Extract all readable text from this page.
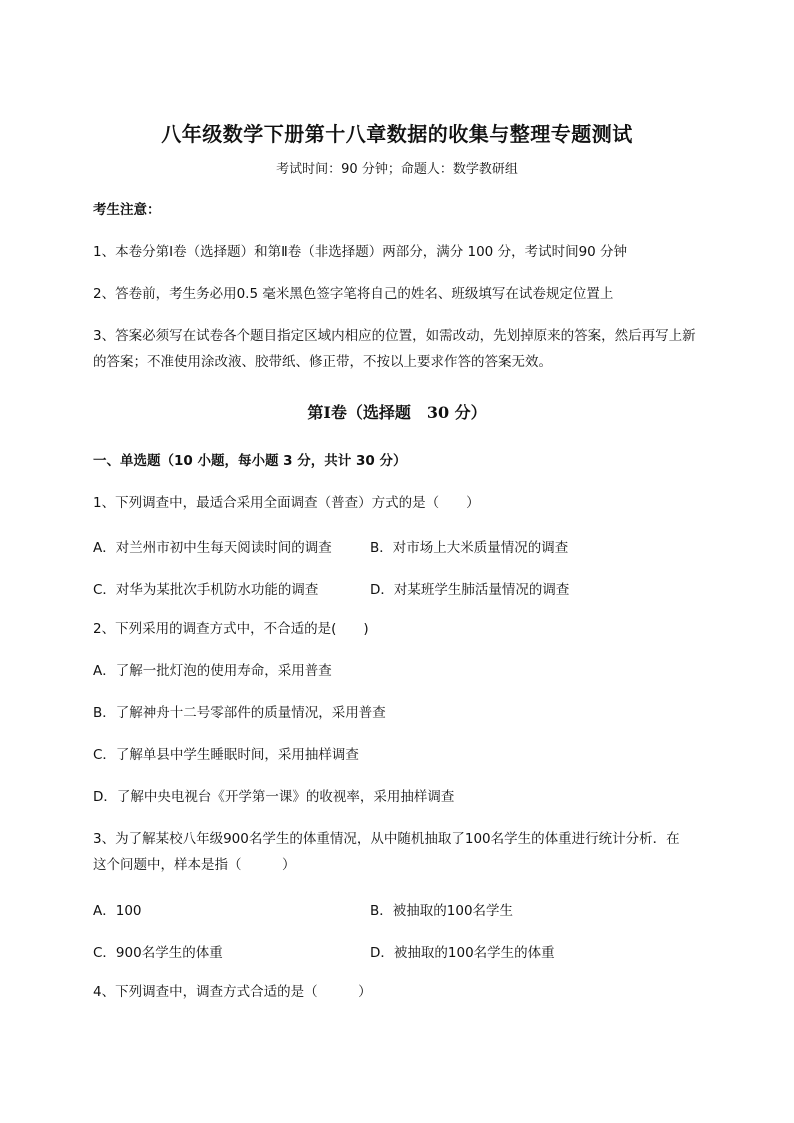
八年级数学下册第十八章数据的收集与整理专题测试
考试时间：90 分钟；命题人：数学教研组
考生注意：
1、本卷分第Ⅰ卷（选择题）和第Ⅱ卷（非选择题）两部分，满分 100 分，考试时间90 分钟
2、答卷前，考生务必用0.5 毫米黑色签字笔将自己的姓名、班级填写在试卷规定位置上
3、答案必须写在试卷各个题目指定区域内相应的位置，如需改动，先划掉原来的答案，然后再写上新
的答案；不准使用涂改液、胶带纸、修正带，不按以上要求作答的答案无效。
第Ⅰ卷（选择题　30 分）
一、单选题（10 小题，每小题 3 分，共计 30 分）
1、下列调查中，最适合采用全面调查（普查）方式的是（　　）
A．对兰州市初中生每天阅读时间的调查	B．对市场上大米质量情况的调查
C．对华为某批次手机防水功能的调查	D．对某班学生肺活量情况的调查
2、下列采用的调查方式中，不合适的是(　　)
A．了解一批灯泡的使用寿命，采用普查
B．了解神舟十二号零部件的质量情况，采用普查
C．了解单县中学生睡眠时间，采用抽样调查
D．了解中央电视台《开学第一课》的收视率，采用抽样调查
3、为了解某校八年级900名学生的体重情况，从中随机抽取了100名学生的体重进行统计分析．在
这个问题中，样本是指（　　　）
A．100	B．被抽取的100名学生
C．900名学生的体重	D．被抽取的100名学生的体重
4、下列调查中，调查方式合适的是（　　　）
